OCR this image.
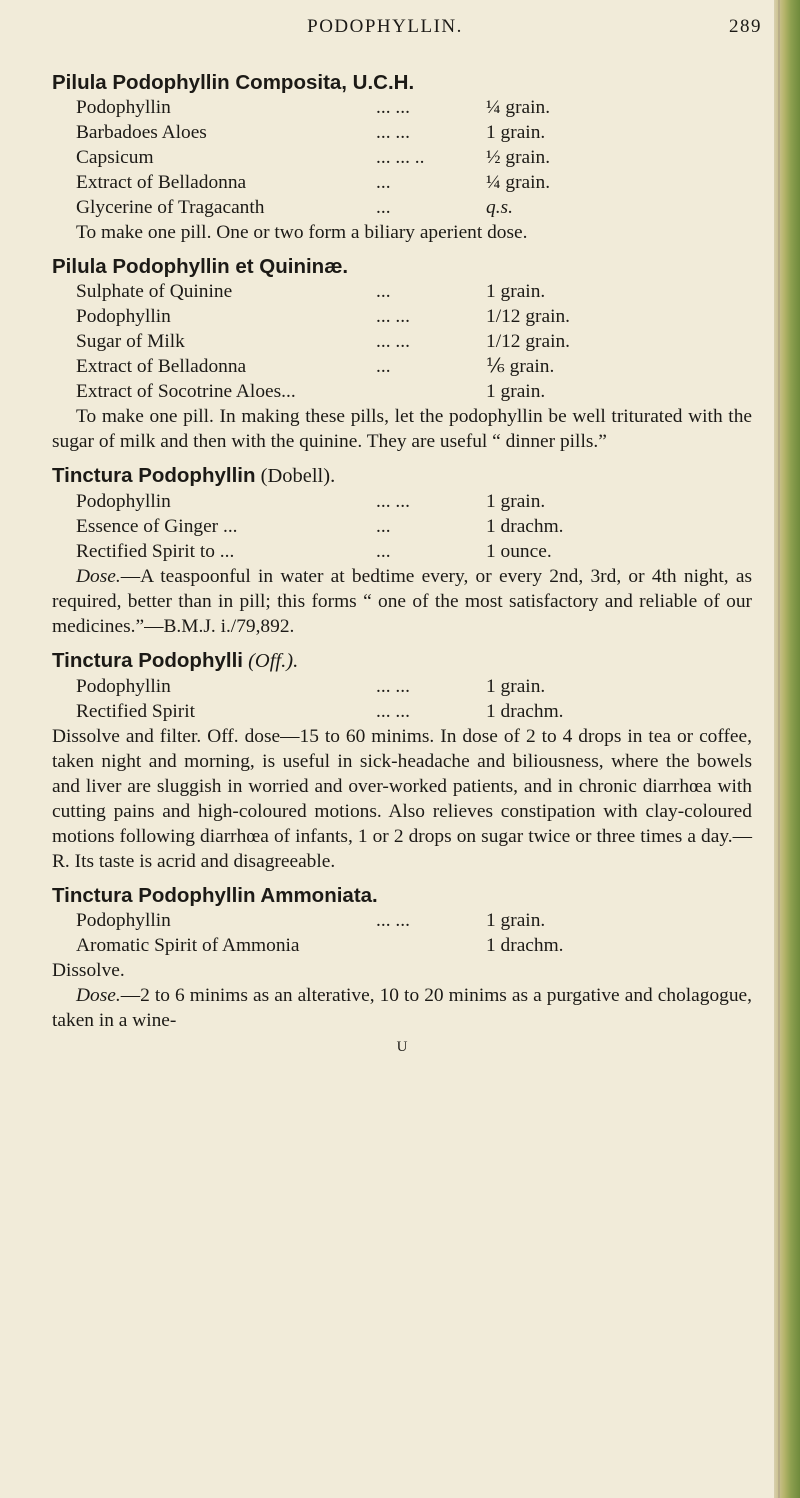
PODOPHYLLIN.	289
Pilula Podophyllin Composita, U.C.H.
Podophyllin	... ...	¼ grain.
Barbadoes Aloes	... ...	1 grain.
Capsicum	... ... ..	½ grain.
Extract of Belladonna	...	¼ grain.
Glycerine of Tragacanth	...	q.s.
To make one pill. One or two form a biliary aperient dose.
Pilula Podophyllin et Quininæ.
Sulphate of Quinine	...	1 grain.
Podophyllin	... ...	1/12 grain.
Sugar of Milk	... ...	1/12 grain.
Extract of Belladonna	...	⅙ grain.
Extract of Socotrine Aloes...	1 grain.
To make one pill. In making these pills, let the podophyllin be well triturated with the sugar of milk and then with the quinine. They are useful “ dinner pills.”
Tinctura Podophyllin (Dobell).
Podophyllin	... ...	1 grain.
Essence of Ginger ...	...	1 drachm.
Rectified Spirit to ...	...	1 ounce.
Dose.—A teaspoonful in water at bedtime every, or every 2nd, 3rd, or 4th night, as required, better than in pill; this forms “ one of the most satisfactory and reliable of our medicines.”—B.M.J. i./79,892.
Tinctura Podophylli (Off.).
Podophyllin	... ...	1 grain.
Rectified Spirit	... ...	1 drachm.
Dissolve and filter. Off. dose—15 to 60 minims. In dose of 2 to 4 drops in tea or coffee, taken night and morning, is useful in sick-headache and biliousness, where the bowels and liver are sluggish in worried and over-worked patients, and in chronic diarrhœa with cutting pains and high-coloured motions. Also relieves constipation with clay-coloured motions following diarrhœa of infants, 1 or 2 drops on sugar twice or three times a day.—R. Its taste is acrid and disagreeable.
Tinctura Podophyllin Ammoniata.
Podophyllin	... ...	1 grain.
Aromatic Spirit of Ammonia	1 drachm.
Dissolve.
Dose.—2 to 6 minims as an alterative, 10 to 20 minims as a purgative and cholagogue, taken in a wine-
U
